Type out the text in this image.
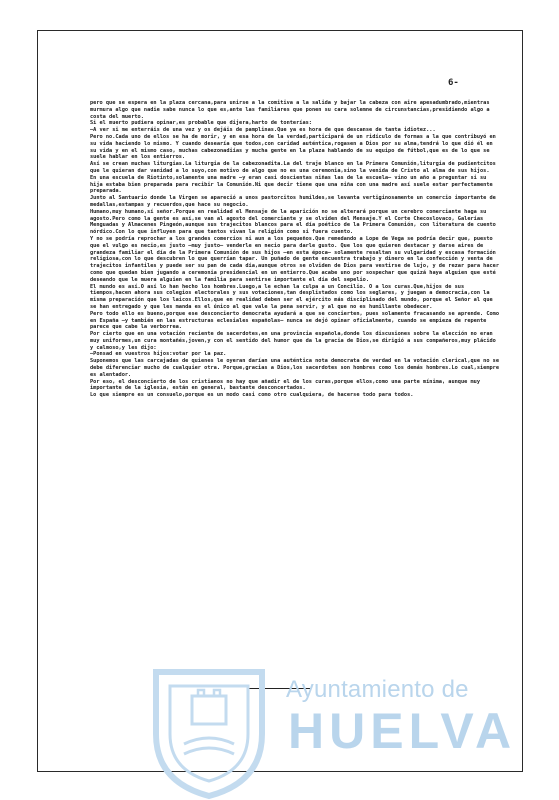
6-

pero que se espera en la plaza cercana,para unirse a la comitiva a la salida y bajar la cabeza con aire apesadumbrado,mientras murmura algo que nadie sabe nunca lo que es,ante las familiares que ponen su cara solemne de circunstancias,presidiendo algo a costa del muerto.

Si el muerto pudiera opinar,es probable que dijera,harto de tonterías:

—A ver si me enterráis de una vez y os dejáis de pamplinas.Que ya es hora de que descanse de tanta idiotez...

Pero no.Cada uno de ellos se ha de morir, y en esa hora de la verdad,participará de un ridículo de formas a la que contribuyó en su vida haciendo lo mismo. Y cuando desearía que todos,con caridad auténtica,rogasen a Dios por su alma,tendrá lo que dió él en su vida y en el mismo caso, muchas cabezonadiías y mucha gente en la plaza hablando de su equipo de fútbol,que es de lo que se suele hablar en los entierros.

Así se crean muchas liturgias.La liturgia de la cabezonadita.La del traje blanco en la Primera Comunión,liturgia de pudientcitos que le quieran dar vanidad a lo suyo,con motivo de algo que no es una ceremonia,sino la venida de Cristo al alma de sus hijos.

En una escuela de Riotinto,solamente una madre —y eran casi doscientas niñas las de la escuela— vino un año a preguntar si su hija estaba bien preparada para recibir la Comunión.Ni que decir tiene que una niña con una madre así suele estar perfectamente preparada.

Junto al Santuario donde la Virgen se apareció a unos pastorcitos humildes,se levanta vertiginosamente un comercio importante de medallas,estampas y recuerdos,que hace su negocio.

Humano,muy humano,sí señor.Porque en realidad el Mensaje de la aparición no se alterará porque un cerebro comerciante haga su agosto.Pero como la gente es así,se van al agosto del comerciante y se olviden del Mensaje.Y el Corte Checoslovaco, Galerías Menguadas y Almacenes Pingeón,aunque sus trajecitos blancos para el día poético de la Primera Comunión, con literatura de cuento nórdico.Con lo que influyen para que tantos vivan la religión como si fuera cuento.

Y no se podría reprochar a los grandes comercios ni aun a los pequeños.Que remedando a Lope de Vega se podría decir que, puesto que el vulgo es necio,es justo —muy justo— venderle en necio para darle gusto. Que los que quieren destacar y darse aires de grandeza familiar el día de la Primera Comunión de sus hijos —en esta época— solamente resaltan su vulgaridad y escasa formación religiosa,con lo que descubren lo que querrían tapar. Un puñado de gente encuentra trabajo y dinero en la confección y venta de trajecitos infantiles y puede ser su pan de cada día,aunque otros se olviden de Dios para vestirse de lujo, y de rezar para hacer como que quedan bien jugando a ceremonia presidencial en un entierro.Que acabe uno por sospechar que quizá haya alguien que esté deseando que le muera alguien en la familia para sentirse importante el día del sepelio.

El mundo es así.O así lo han hecho los hombres.Luego,a le echan la culpa a un Concilio. O a los curas.Que,hijos de sus tiempos,hacen ahora sus colegios electorales y sus votaciones,tan desplistados como los seglares, y juegan a democracia,con la misma preparación que los laicos.Ellos,que en realidad deben ser el ejército más disciplinado del mundo, porque el Señor al que se han entregado y que les manda es el único al que vale la pena servir, y al que no es humillante obedecer.

Pero todo ello es bueno,porque ese desconcierto democrata ayudará a que se concierten, pues solamente fracasando se aprende. Como en España —y también en las estructuras eclesiales españolas— nunca se dejó opinar oficialmente, cuando se empieza de repente parece que cabe la verborrea.

Por cierto que en una votación reciente de sacerdotes,en una provincia española,donde los discusiones sobre la elección no eran muy uniformes,un cura montañés,joven,y con el sentido del humor que da la gracia de Dios,se dirigió a sus compañeros,muy plácido y calmoso,y les dijo:

—Ponsad en vuestros hijos:votar por la paz.

Suponemos que las carcajadas de quienes le oyeran darían una auténtica nota democrata de verdad en la votación clerical,que no se debe diferenciar mucho de cualquier otra. Porque,gracias a Dios,los sacerdotes son hombres como los demás hombres.Lo cual,siempre es alentador.

Por eso, el desconcierto de los cristianos no hay que añadir el de los curas,porque ellos,como una parte mínima, aunque muy importante de la iglesia, están en general, bastante desconcertados.

Lo que siempre es un consuelo,porque es un modo casi como otro cualquiera, de hacerse todo para todos.

Ayuntamiento de
HUELVA
